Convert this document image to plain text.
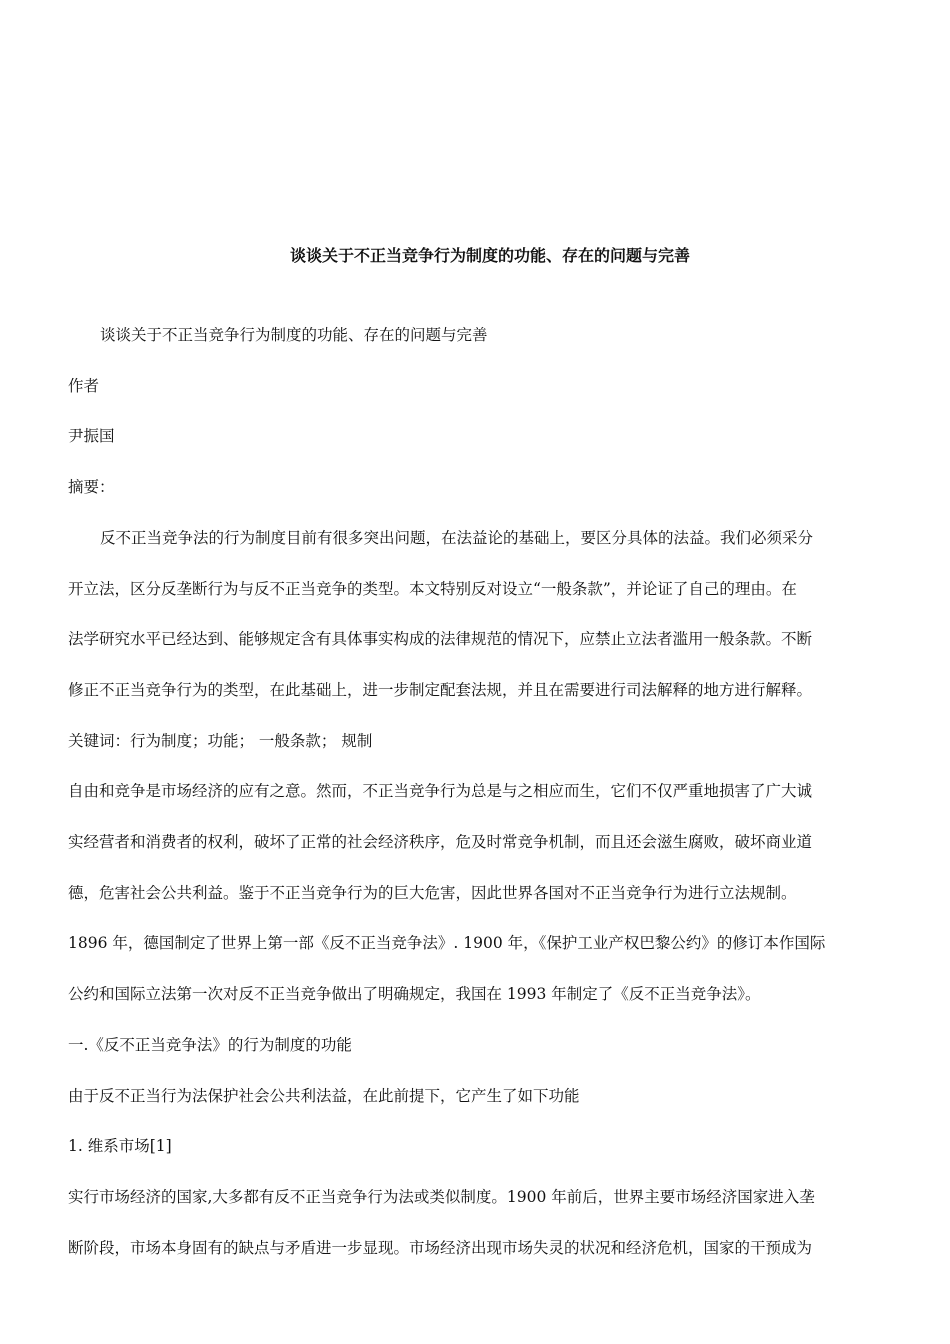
谈谈关于不正当竞争行为制度的功能、存在的问题与完善

谈谈关于不正当竞争行为制度的功能、存在的问题与完善

作者

尹振国

摘要：

反不正当竞争法的行为制度目前有很多突出问题，在法益论的基础上，要区分具体的法益。我们必须采分

开立法，区分反垄断行为与反不正当竞争的类型。本文特别反对设立“一般条款”，并论证了自己的理由。在

法学研究水平已经达到、能够规定含有具体事实构成的法律规范的情况下，应禁止立法者滥用一般条款。不断

修正不正当竞争行为的类型，在此基础上，进一步制定配套法规，并且在需要进行司法解释的地方进行解释。

关键词：行为制度；功能； 一般条款； 规制

自由和竞争是市场经济的应有之意。然而，不正当竞争行为总是与之相应而生，它们不仅严重地损害了广大诚

实经营者和消费者的权利，破坏了正常的社会经济秩序，危及时常竞争机制，而且还会滋生腐败，破坏商业道

德，危害社会公共利益。鉴于不正当竞争行为的巨大危害，因此世界各国对不正当竞争行为进行立法规制。

1896 年，德国制定了世界上第一部《反不正当竞争法》. 1900 年，《保护工业产权巴黎公约》的修订本作国际

公约和国际立法第一次对反不正当竞争做出了明确规定，我国在 1993 年制定了《反不正当竞争法》。

一.《反不正当竞争法》的行为制度的功能

由于反不正当行为法保护社会公共利法益，在此前提下，它产生了如下功能

1. 维系市场[1]

实行市场经济的国家,大多都有反不正当竞争行为法或类似制度。1900 年前后，世界主要市场经济国家进入垄

断阶段，市场本身固有的缺点与矛盾进一步显现。市场经济出现市场失灵的状况和经济危机，国家的干预成为
